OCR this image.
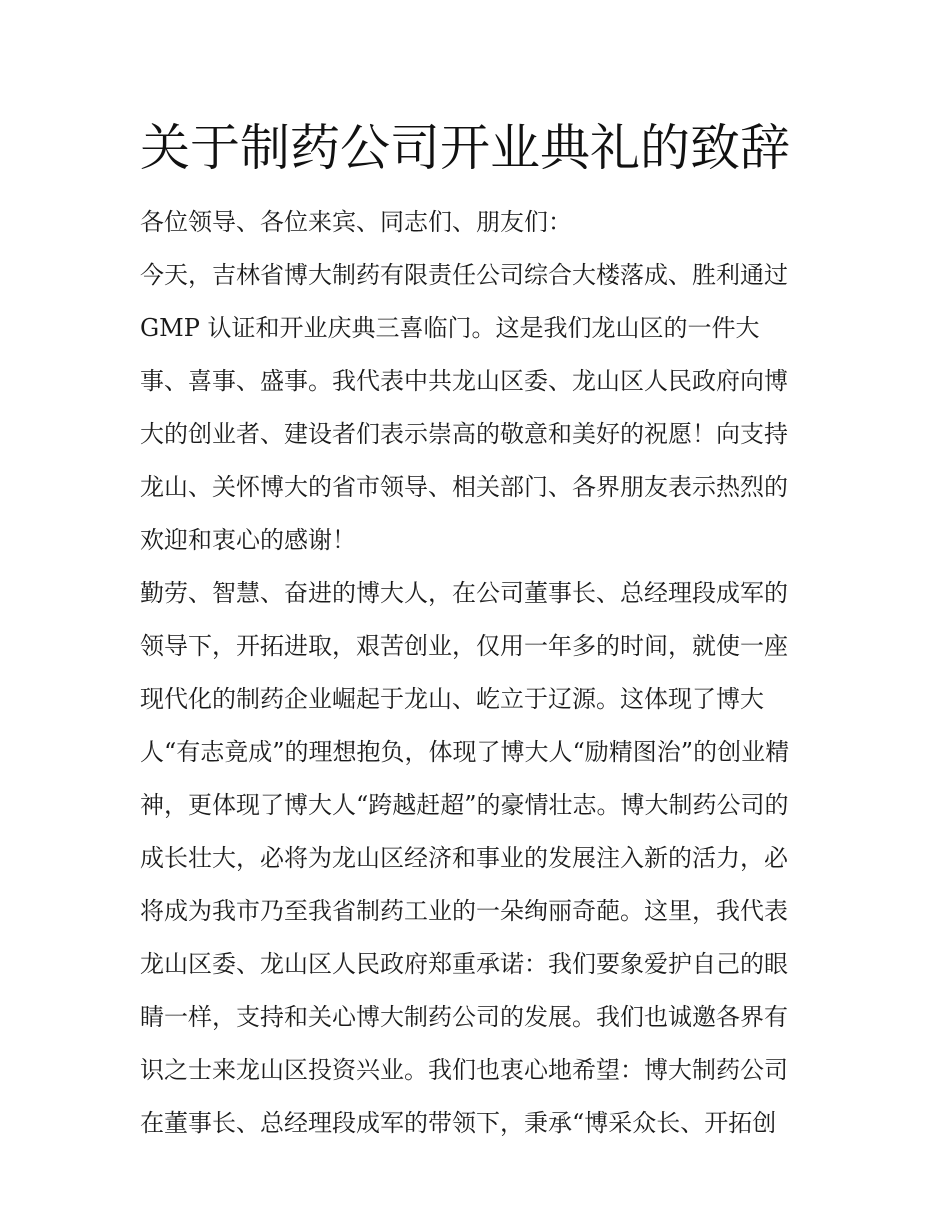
关于制药公司开业典礼的致辞

各位领导、各位来宾、同志们、朋友们：

今天，吉林省博大制药有限责任公司综合大楼落成、胜利通过

GMP 认证和开业庆典三喜临门。这是我们龙山区的一件大

事、喜事、盛事。我代表中共龙山区委、龙山区人民政府向博

大的创业者、建设者们表示崇高的敬意和美好的祝愿！向支持

龙山、关怀博大的省市领导、相关部门、各界朋友表示热烈的

欢迎和衷心的感谢！

勤劳、智慧、奋进的博大人，在公司董事长、总经理段成军的

领导下，开拓进取，艰苦创业，仅用一年多的时间，就使一座

现代化的制药企业崛起于龙山、屹立于辽源。这体现了博大

人“有志竟成”的理想抱负，体现了博大人“励精图治”的创业精

神，更体现了博大人“跨越赶超”的豪情壮志。博大制药公司的

成长壮大，必将为龙山区经济和事业的发展注入新的活力，必

将成为我市乃至我省制药工业的一朵绚丽奇葩。这里，我代表

龙山区委、龙山区人民政府郑重承诺：我们要象爱护自己的眼

睛一样，支持和关心博大制药公司的发展。我们也诚邀各界有

识之士来龙山区投资兴业。我们也衷心地希望：博大制药公司

在董事长、总经理段成军的带领下，秉承“博采众长、开拓创
